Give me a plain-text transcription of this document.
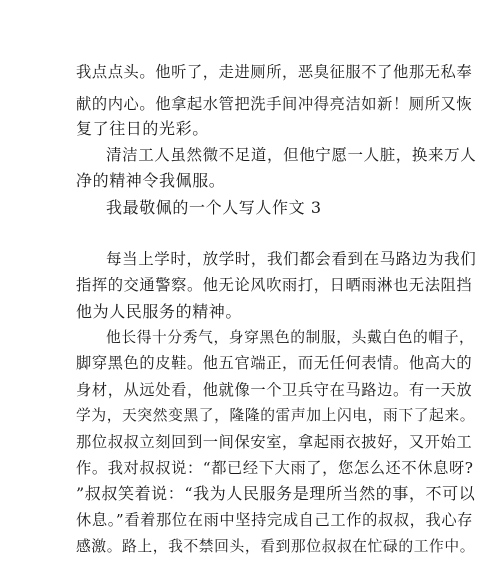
我点点头。他听了，走进厕所，恶臭征服不了他那无私奉

献的内心。他拿起水管把洗手间冲得亮洁如新！厕所又恢

复了往日的光彩。

清洁工人虽然微不足道，但他宁愿一人脏，换来万人

净的精神令我佩服。

我最敬佩的一个人写人作文 3

每当上学时，放学时，我们都会看到在马路边为我们

指挥的交通警察。他无论风吹雨打，日晒雨淋也无法阻挡

他为人民服务的精神。

他长得十分秀气，身穿黑色的制服，头戴白色的帽子，

脚穿黑色的皮鞋。他五官端正，而无任何表情。他高大的

身材，从远处看，他就像一个卫兵守在马路边。有一天放

学为，天突然变黑了，隆隆的雷声加上闪电，雨下了起来。

那位叔叔立刻回到一间保安室，拿起雨衣披好，又开始工

作。我对叔叔说：“都已经下大雨了，您怎么还不休息呀?

”叔叔笑着说：“我为人民服务是理所当然的事，不可以

休息。”看着那位在雨中坚持完成自己工作的叔叔，我心存

感激。路上，我不禁回头，看到那位叔叔在忙碌的工作中。
